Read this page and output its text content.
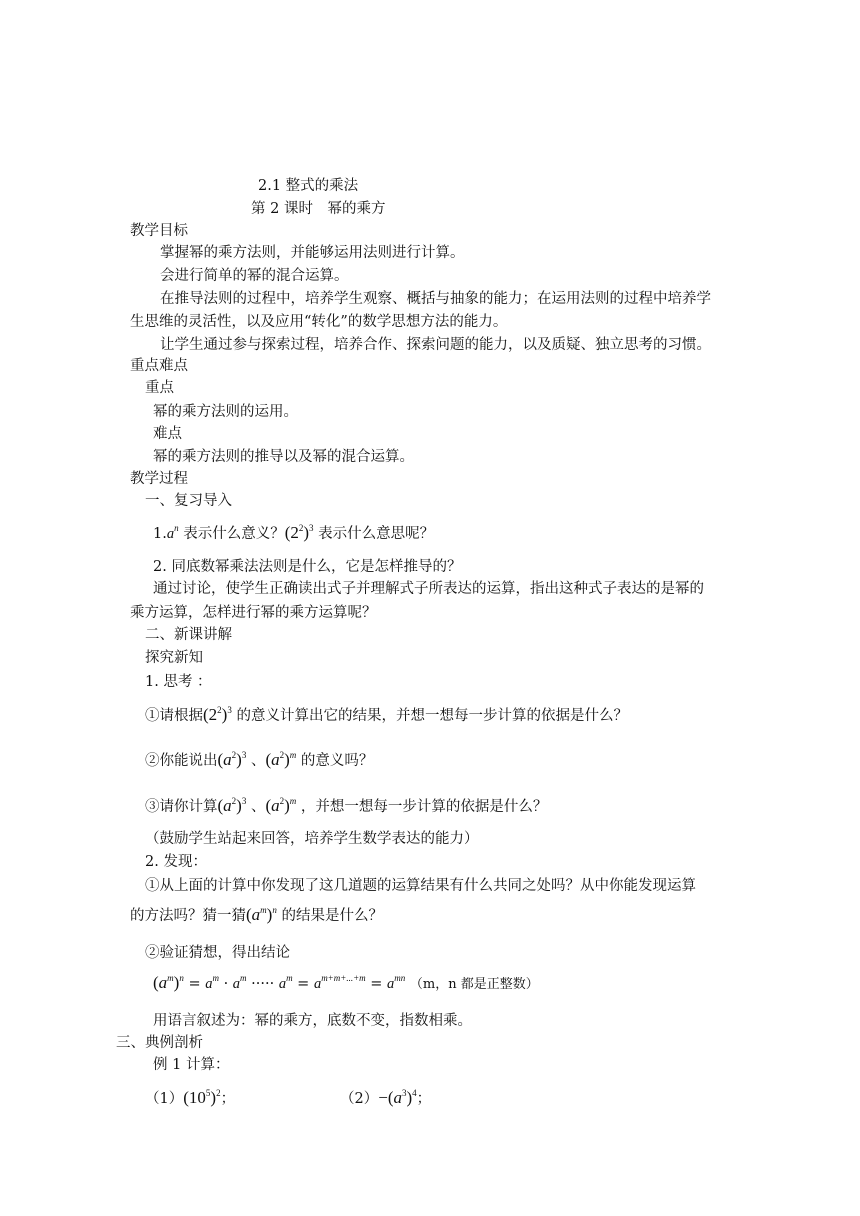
2.1 整式的乘法
第 2 课时　幂的乘方
教学目标
掌握幂的乘方法则，并能够运用法则进行计算。
会进行简单的幂的混合运算。
在推导法则的过程中，培养学生观察、概括与抽象的能力；在运用法则的过程中培养学
生思维的灵活性，以及应用“转化”的数学思想方法的能力。
让学生通过参与探索过程，培养合作、探索问题的能力，以及质疑、独立思考的习惯。
重点难点
重点
幂的乘方法则的运用。
难点
幂的乘方法则的推导以及幂的混合运算。
教学过程
一、复习导入
$1.a^n$ 表示什么意义？$(2^2)^3$ 表示什么意思呢？
2. 同底数幂乘法法则是什么，它是怎样推导的？
通过讨论，使学生正确读出式子并理解式子所表达的运算，指出这种式子表达的是幂的
乘方运算，怎样进行幂的乘方运算呢？
二、新课讲解
探究新知
1. 思考 ：
①请根据$(2^2)^3$ 的意义计算出它的结果，并想一想每一步计算的依据是什么？
②你能说出$(a^2)^3$ 、$(a^2)^m$ 的意义吗？
③请你计算$(a^2)^3$ 、$(a^2)^m$ ，并想一想每一步计算的依据是什么？
（鼓励学生站起来回答，培养学生数学表达的能力）
2. 发现：
①从上面的计算中你发现了这几道题的运算结果有什么共同之处吗？从中你能发现运算
的方法吗？猜一猜$(a^m)^n$ 的结果是什么？
②验证猜想，得出结论
$(a^m)^n = a^m \cdot a^m$ ····· $a^m = a^{m+m+...+m} = a^{mn}$ （m，n 都是正整数）
用语言叙述为：幂的乘方，底数不变，指数相乘。
三、典例剖析
例 1 计算：
$(1)(10^5)^2$；	$(2)-(a^3)^4$；
